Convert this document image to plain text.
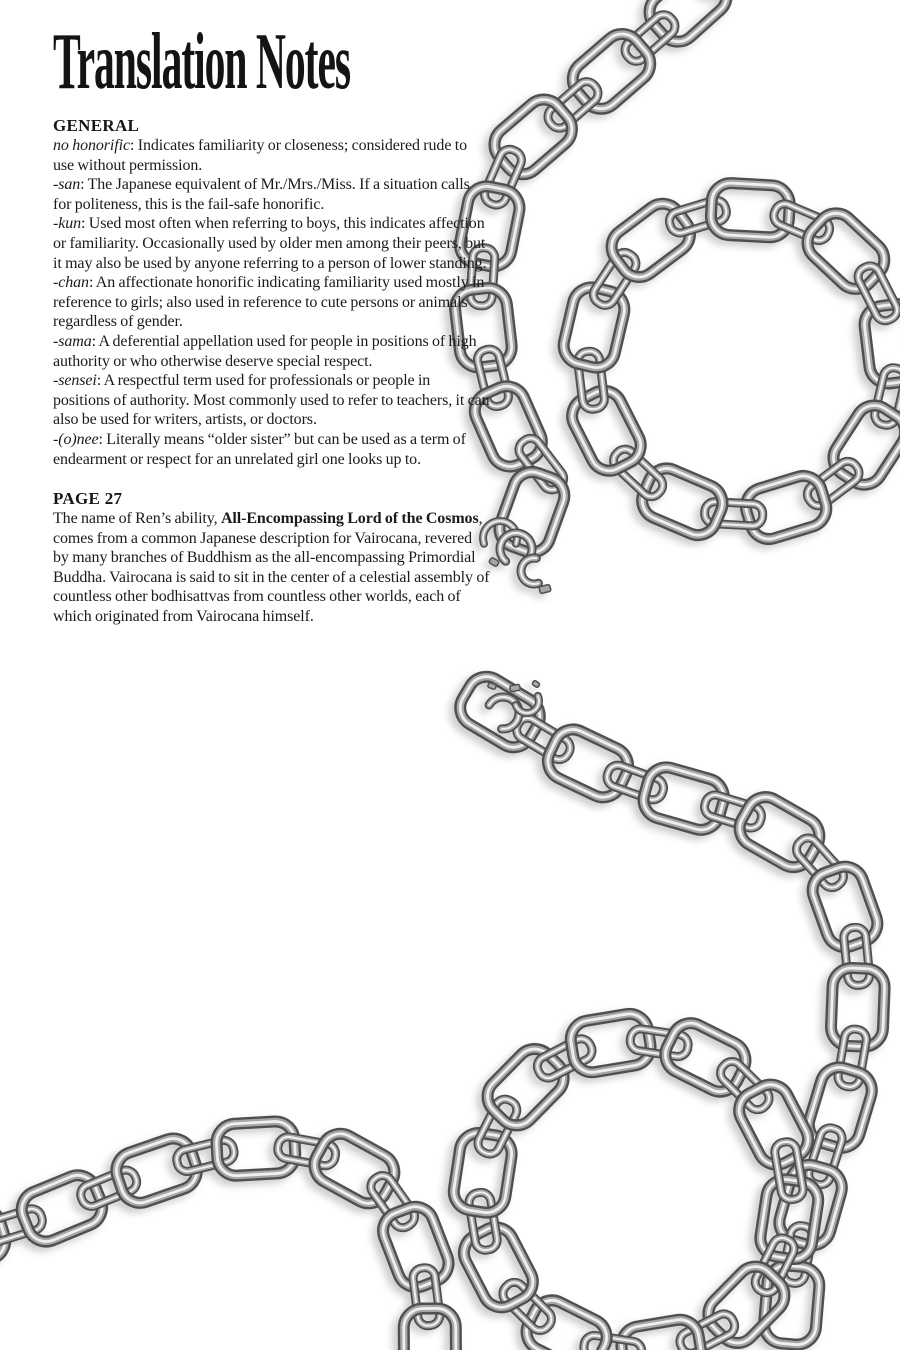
Translation Notes
GENERAL

no honorific: Indicates familiarity or closeness; considered rude to use without permission.

-san: The Japanese equivalent of Mr./Mrs./Miss. If a situation calls for politeness, this is the fail-safe honorific.

-kun: Used most often when referring to boys, this indicates affection or familiarity. Occasionally used by older men among their peers, but it may also be used by anyone referring to a person of lower standing.

-chan: An affectionate honorific indicating familiarity used mostly in reference to girls; also used in reference to cute persons or animals regardless of gender.

-sama: A deferential appellation used for people in positions of high authority or who otherwise deserve special respect.

-sensei: A respectful term used for professionals or people in positions of authority. Most commonly used to refer to teachers, it can also be used for writers, artists, or doctors.

-(o)nee: Literally means “older sister” but can be used as a term of endearment or respect for an unrelated girl one looks up to.

PAGE 27

The name of Ren’s ability, All-Encompassing Lord of the Cosmos, comes from a common Japanese description for Vairocana, revered by many branches of Buddhism as the all-encompassing Primordial Buddha. Vairocana is said to sit in the center of a celestial assembly of countless other bodhisattvas from countless other worlds, each of which originated from Vairocana himself.
